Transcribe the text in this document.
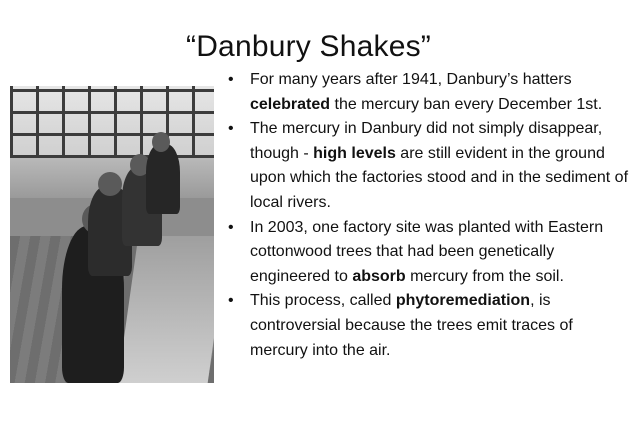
“Danbury Shakes”
• For many years after 1941, Danbury’s hatters celebrated the mercury ban every December 1st.
• The mercury in Danbury did not simply disappear, though - high levels are still evident in the ground upon which the factories stood and in the sediment of local rivers.
• In 2003, one factory site was planted with Eastern cottonwood trees that had been genetically engineered to absorb mercury from the soil.
• This process, called phytoremediation, is controversial because the trees emit traces of mercury into the air.
